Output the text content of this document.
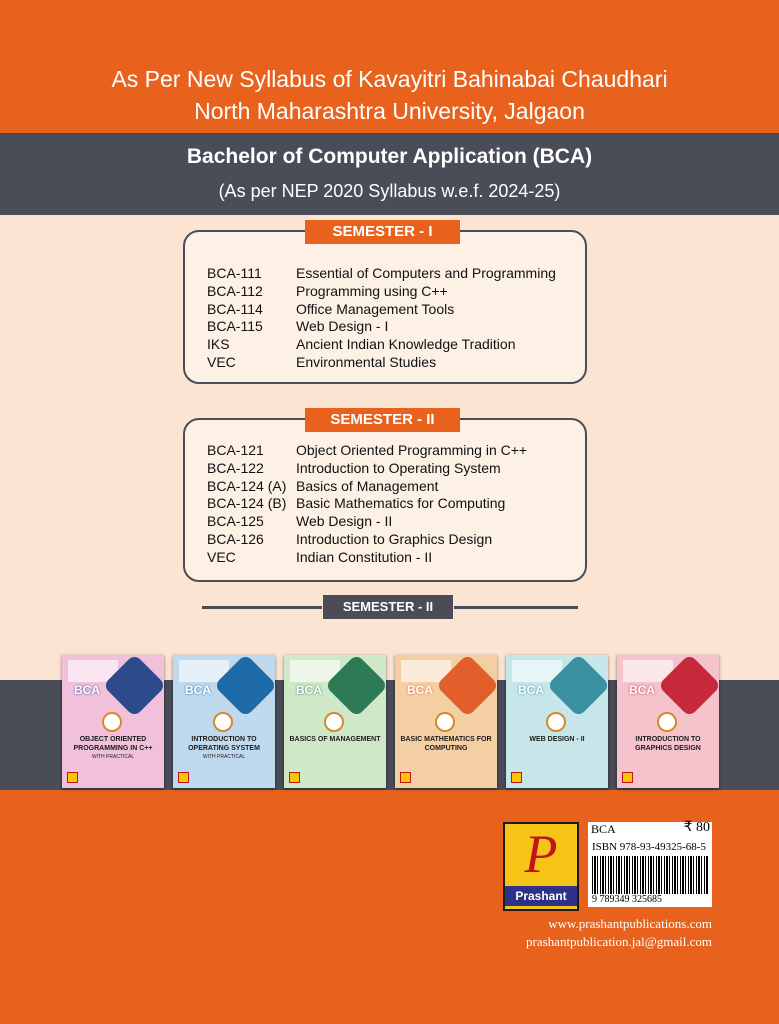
As Per New Syllabus of Kavayitri Bahinabai Chaudhari
North Maharashtra University, Jalgaon
Bachelor of Computer Application (BCA)
(As per NEP 2020 Syllabus w.e.f. 2024-25)
SEMESTER - I
BCA-111	Essential of Computers and Programming
BCA-112	Programming using C++
BCA-114	Office Management Tools
BCA-115	Web Design - I
IKS	Ancient Indian Knowledge Tradition
VEC	Environmental Studies
SEMESTER - II
BCA-121	Object Oriented Programming in C++
BCA-122	Introduction to Operating System
BCA-124 (A) Basics of Management
BCA-124 (B) Basic Mathematics for Computing
BCA-125	Web Design - II
BCA-126	Introduction to Graphics Design
VEC	Indian Constitution - II
SEMESTER - II
BCA
OBJECT ORIENTED PROGRAMMING IN C++
WITH PRACTICAL
BCA
INTRODUCTION TO OPERATING SYSTEM
WITH PRACTICAL
BCA
BASICS OF MANAGEMENT
BCA
BASIC MATHEMATICS FOR COMPUTING
BCA
WEB DESIGN - II
BCA
INTRODUCTION TO GRAPHICS DESIGN
P
Prashant
BCA	₹ 80
ISBN 978-93-49325-68-5
9 789349 325685
www.prashantpublications.com
prashantpublication.jal@gmail.com
